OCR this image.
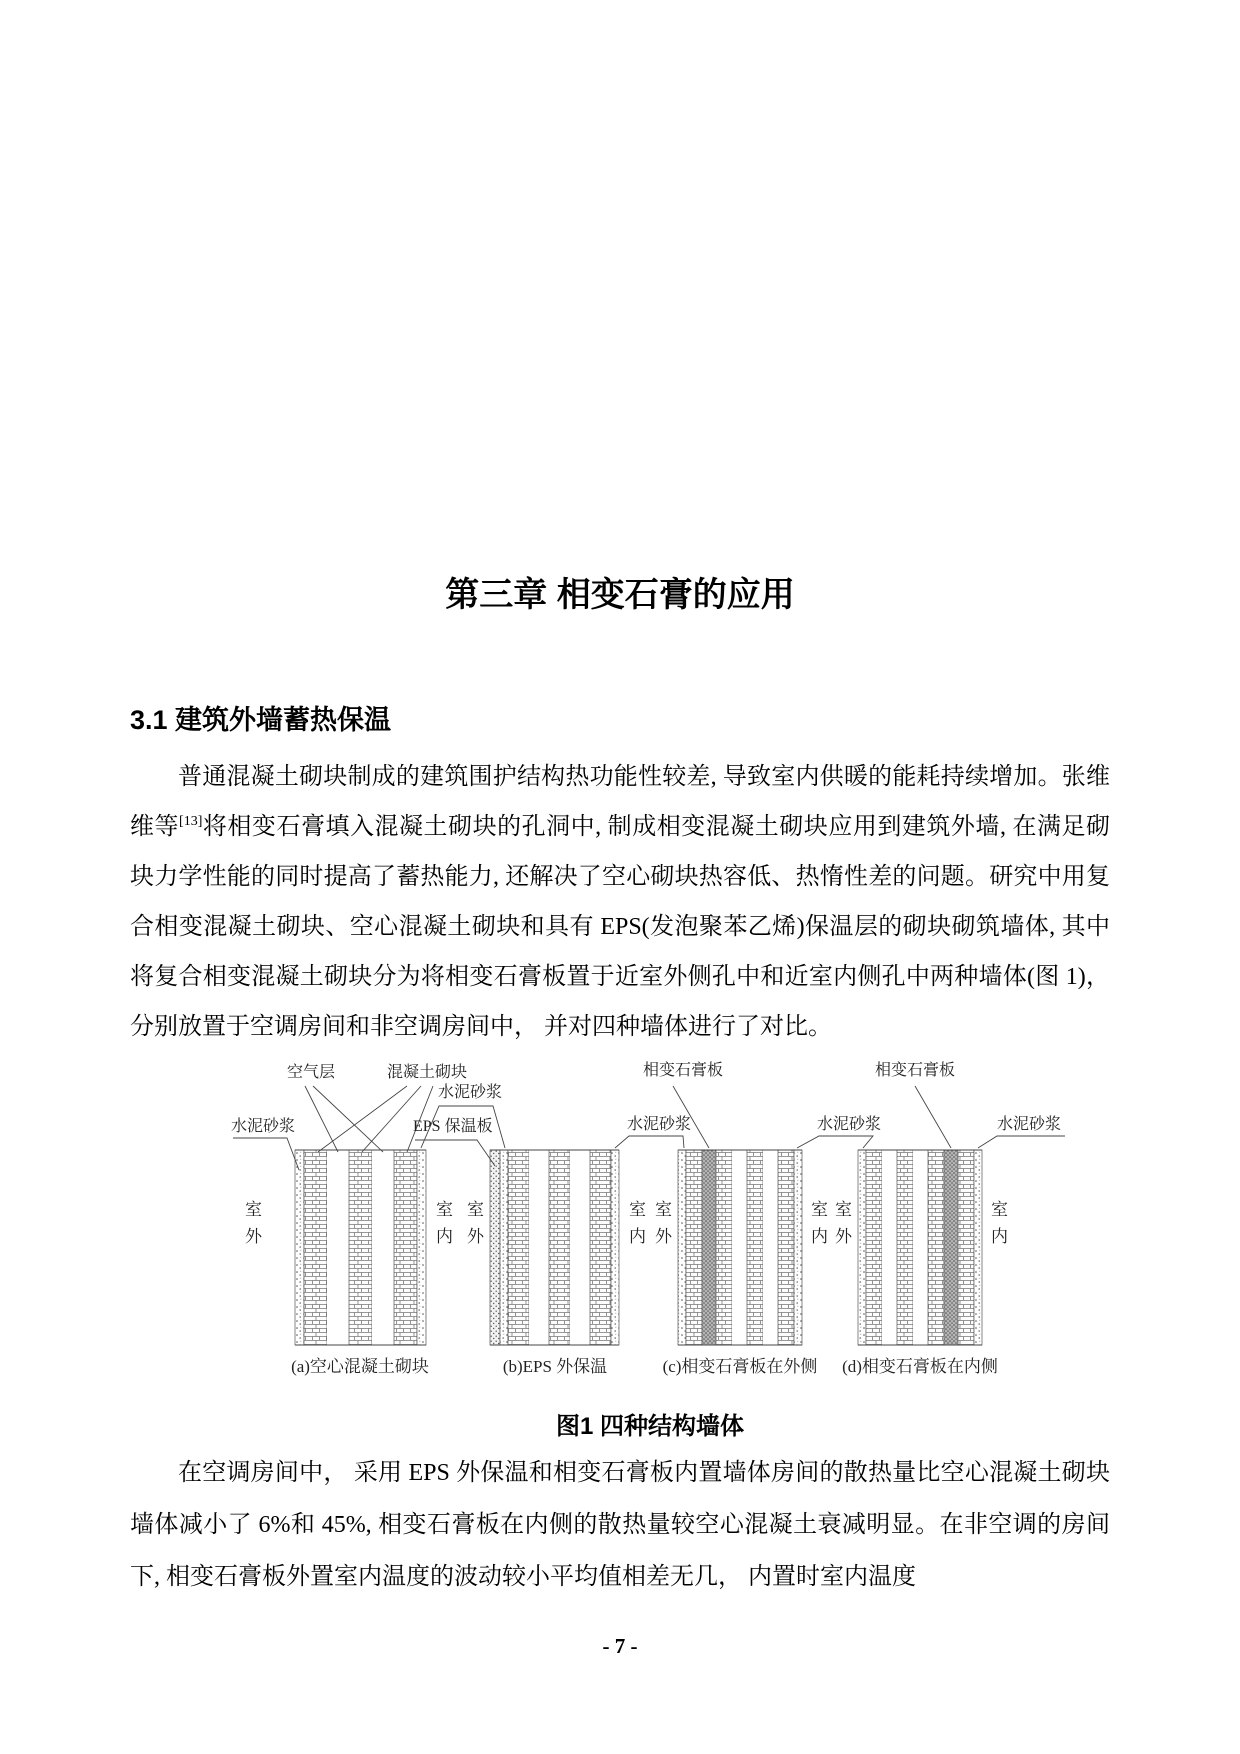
第三章 相变石膏的应用
3.1 建筑外墙蓄热保温

普通混凝土砌块制成的建筑围护结构热功能性较差, 导致室内供暖的能耗持续增加。张维维等[13]将相变石膏填入混凝土砌块的孔洞中, 制成相变混凝土砌块应用到建筑外墙, 在满足砌块力学性能的同时提高了蓄热能力, 还解决了空心砌块热容低、热惰性差的问题。研究中用复合相变混凝土砌块、空心混凝土砌块和具有 EPS(发泡聚苯乙烯)保温层的砌块砌筑墙体, 其中将复合相变混凝土砌块分为将相变石膏板置于近室外侧孔中和近室内侧孔中两种墙体(图 1)， 分别放置于空调房间和非空调房间中， 并对四种墙体进行了对比。

水泥砂浆
空气层	混凝土砌块
水泥砂浆
EPS 保温板	水泥砂浆
相变石膏板
水泥砂浆
相变石膏板
水泥砂浆
室外	室内 室外	室内 室外	室内 室外	室内
(a)空心混凝土砌块	(b)EPS 外保温	(c)相变石膏板在外侧	(d)相变石膏板在内侧
图1 四种结构墙体

在空调房间中， 采用 EPS 外保温和相变石膏板内置墙体房间的散热量比空心混凝土砌块墙体减小了 6%和 45%, 相变石膏板在内侧的散热量较空心混凝土衰减明显。在非空调的房间下, 相变石膏板外置室内温度的波动较小平均值相差无几， 内置时室内温度

- 7 -
